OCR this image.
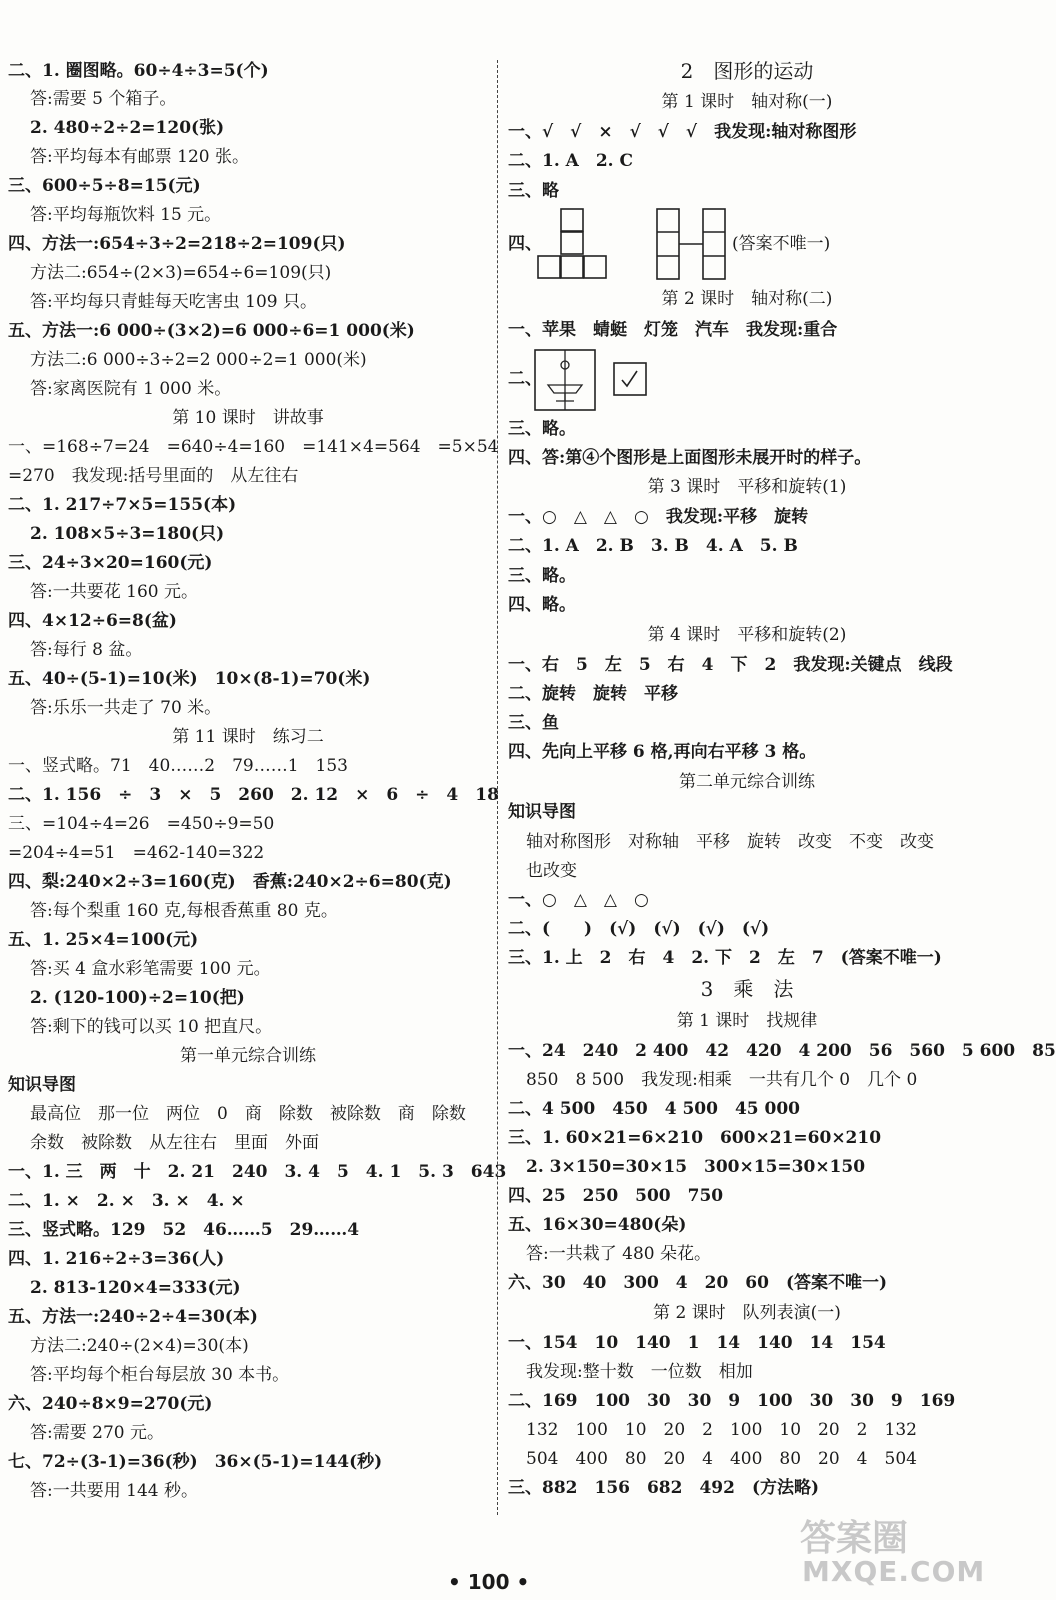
二、1. 圈图略。60÷4÷3=5(个)
答:需要 5 个箱子。
2. 480÷2÷2=120(张)
答:平均每本有邮票 120 张。
三、600÷5÷8=15(元)
答:平均每瓶饮料 15 元。
四、方法一:654÷3÷2=218÷2=109(只)
方法二:654÷(2×3)=654÷6=109(只)
答:平均每只青蛙每天吃害虫 109 只。
五、方法一:6 000÷(3×2)=6 000÷6=1 000(米)
方法二:6 000÷3÷2=2 000÷2=1 000(米)
答:家离医院有 1 000 米。
第 10 课时　讲故事
一、=168÷7=24　=640÷4=160　=141×4=564　=5×54
=270　我发现:括号里面的　从左往右
二、1. 217÷7×5=155(本)
2. 108×5÷3=180(只)
三、24÷3×20=160(元)
答:一共要花 160 元。
四、4×12÷6=8(盆)
答:每行 8 盆。
五、40÷(5-1)=10(米)　10×(8-1)=70(米)
答:乐乐一共走了 70 米。
第 11 课时　练习二
一、竖式略。71　40……2　79……1　153
二、1. 156　÷　3　×　5　260　2. 12　×　6　÷　4　18
三、=104÷4=26　=450÷9=50
=204÷4=51　=462-140=322
四、梨:240×2÷3=160(克)　香蕉:240×2÷6=80(克)
答:每个梨重 160 克,每根香蕉重 80 克。
五、1. 25×4=100(元)
答:买 4 盒水彩笔需要 100 元。
2. (120-100)÷2=10(把)
答:剩下的钱可以买 10 把直尺。
第一单元综合训练
知识导图
最高位　那一位　两位　0　商　除数　被除数　商　除数
余数　被除数　从左往右　里面　外面
一、1. 三　两　十　2. 21　240　3. 4　5　4. 1　5. 3　643
二、1. ×　2. ×　3. ×　4. ×
三、竖式略。129　52　46……5　29……4
四、1. 216÷2÷3=36(人)
2. 813-120×4=333(元)
五、方法一:240÷2÷4=30(本)
方法二:240÷(2×4)=30(本)
答:平均每个柜台每层放 30 本书。
六、240÷8×9=270(元)
答:需要 270 元。
七、72÷(3-1)=36(秒)　36×(5-1)=144(秒)
答:一共要用 144 秒。
2　图形的运动
第 1 课时　轴对称(一)
一、√　√　×　√　√　√　我发现:轴对称图形
二、1. A　2. C
三、略
四、	(答案不唯一)
第 2 课时　轴对称(二)
一、苹果　蜻蜓　灯笼　汽车　我发现:重合
二、
三、略。
四、答:第④个图形是上面图形未展开时的样子。
第 3 课时　平移和旋转(1)
一、○　△　△　○　我发现:平移　旋转
二、1. A　2. B　3. B　4. A　5. B
三、略。
四、略。
第 4 课时　平移和旋转(2)
一、右　5　左　5　右　4　下　2　我发现:关键点　线段
二、旋转　旋转　平移
三、鱼
四、先向上平移 6 格,再向右平移 3 格。
第二单元综合训练
知识导图
轴对称图形　对称轴　平移　旋转　改变　不变　改变
也改变
一、○　△　△　○
二、(　　)　(√)　(√)　(√)　(√)
三、1. 上　2　右　4　2. 下　2　左　7　(答案不唯一)
3　乘　法
第 1 课时　找规律
一、24　240　2 400　42　420　4 200　56　560　5 600　85
850　8 500　我发现:相乘　一共有几个 0　几个 0
二、4 500　450　4 500　45 000
三、1. 60×21=6×210　600×21=60×210
2. 3×150=30×15　300×15=30×150
四、25　250　500　750
五、16×30=480(朵)
答:一共栽了 480 朵花。
六、30　40　300　4　20　60　(答案不唯一)
第 2 课时　队列表演(一)
一、154　10　140　1　14　140　14　154
我发现:整十数　一位数　相加
二、169　100　30　30　9　100　30　30　9　169
132　100　10　20　2　100　10　20　2　132
504　400　80　20　4　400　80　20　4　504
三、882　156　682　492　(方法略)
• 100 •
答案圈
MXQE.COM
